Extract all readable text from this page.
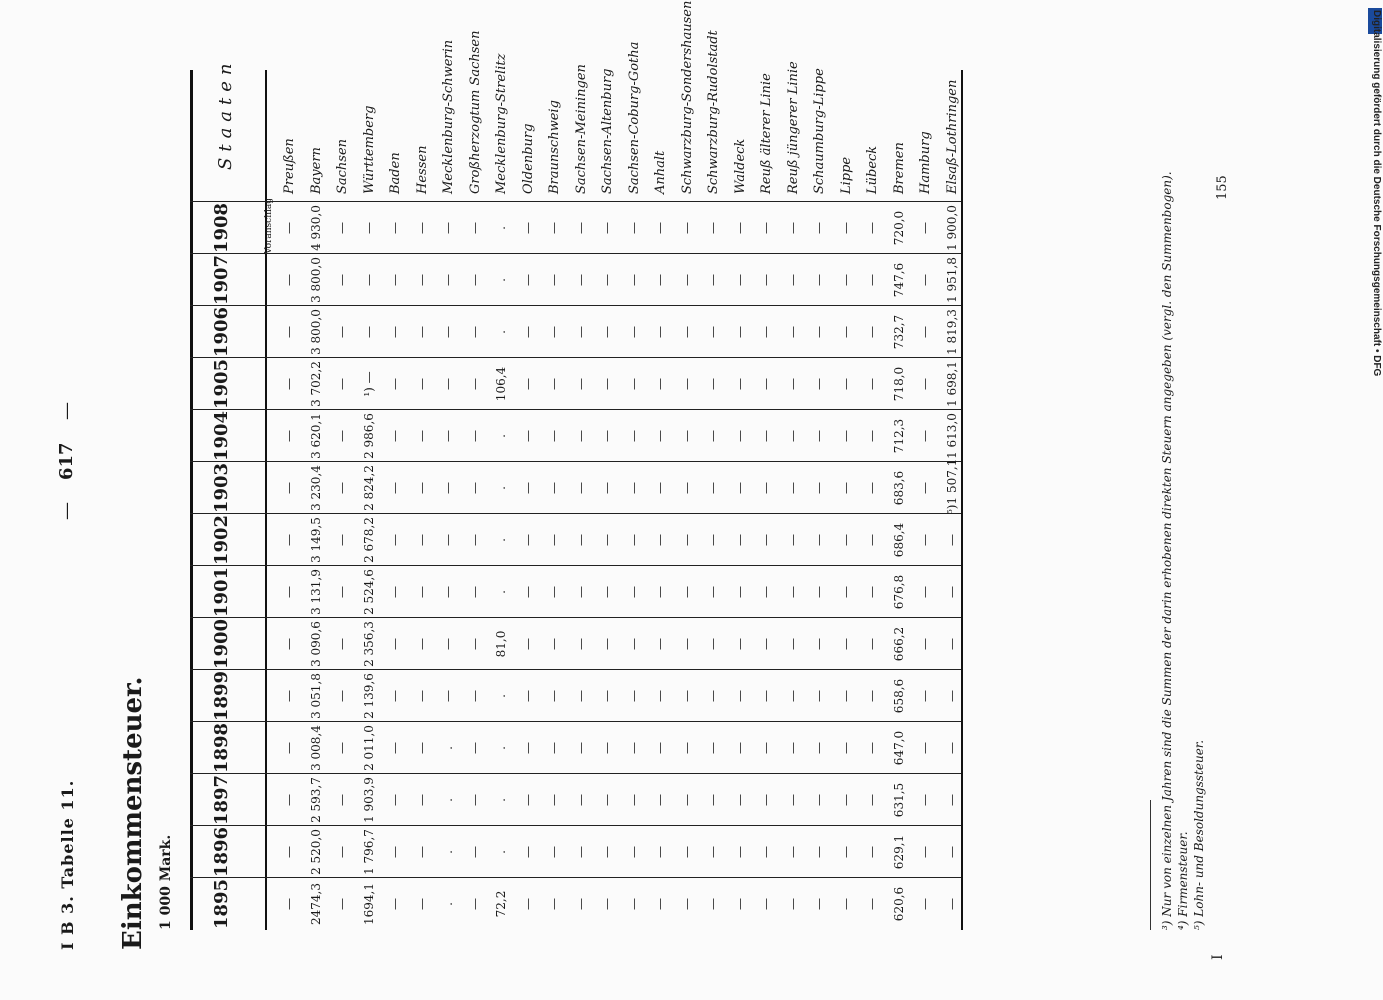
I B 3. Tabelle 11.
—
617
—
Einkommensteuer. 1 000 Mark. 1895
1896
1897
1898
1899
1900
1901
1902
1903
1904
1905
1906
1907
1908
Staaten
Voranschlag
—
—
—
—
—
—
—
—
—
—
—
—
—
—
Preußen
2474,3
2 520,0
2 593,7
3 008,4
3 051,8
3 090,6
3 131,9
3 149,5
3 230,4
3 620,1
3 702,2
3 800,0
3 800,0
4 930,0
Bayern
—
—
—
—
—
—
—
—
—
—
—
—
—
—
Sachsen
1694,1
1 796,7
1 903,9
2 011,0
2 139,6
2 356,3
2 524,6
2 678,2
2 824,2
2 986,6
¹) —
—
—
—
Württemberg
—
—
—
—
—
—
—
—
—
—
—
—
—
—
Baden
—
—
—
—
—
—
—
—
—
—
—
—
—
—
Hessen
.
.
.
.
—
—
—
—
—
—
—
—
—
—
Mecklenburg-Schwerin
—
—
—
—
—
—
—
—
—
—
—
—
—
—
Großherzogtum Sachsen
72,2
.
.
.
.
81,0
.
.
.
.
106,4
.
.
.
Mecklenburg-Strelitz
—
—
—
—
—
—
—
—
—
—
—
—
—
—
Oldenburg
—
—
—
—
—
—
—
—
—
—
—
—
—
—
Braunschweig
—
—
—
—
—
—
—
—
—
—
—
—
—
—
Sachsen-Meiningen
—
—
—
—
—
—
—
—
—
—
—
—
—
—
Sachsen-Altenburg
—
—
—
—
—
—
—
—
—
—
—
—
—
—
Sachsen-Coburg-Gotha
—
—
—
—
—
—
—
—
—
—
—
—
—
—
Anhalt
—
—
—
—
—
—
—
—
—
—
—
—
—
—
Schwarzburg-Sondershausen
—
—
—
—
—
—
—
—
—
—
—
—
—
—
Schwarzburg-Rudolstadt
—
—
—
—
—
—
—
—
—
—
—
—
—
—
Waldeck
—
—
—
—
—
—
—
—
—
—
—
—
—
—
Reuß älterer Linie
—
—
—
—
—
—
—
—
—
—
—
—
—
—
Reuß jüngerer Linie
—
—
—
—
—
—
—
—
—
—
—
—
—
—
Schaumburg-Lippe
—
—
—
—
—
—
—
—
—
—
—
—
—
—
Lippe
—
—
—
—
—
—
—
—
—
—
—
—
—
—
Lübeck
620,6
629,1
631,5
647,0
658,6
666,2
676,8
686,4
683,6
712,3
718,0
732,7
747,6
720,0
Bremen
—
—
—
—
—
—
—
—
—
—
—
—
—
—
Hamburg
—
—
—
—
—
—
—
—
⁵)1 507,1
1 613,0
1 698,1
1 819,3
1 951,8
1 900,0
Elsaß-Lothringen
³) Nur von einzelnen Jahren sind die Summen der darin erhobenen direkten Steuern angegeben (vergl. den Summenbogen). ⁴) Firmensteuer. ⁵) Lohn- und Besoldungssteuer.
I
155	Digitalisierung gefördert durch die Deutsche Forschungsgemeinschaft • DFG
